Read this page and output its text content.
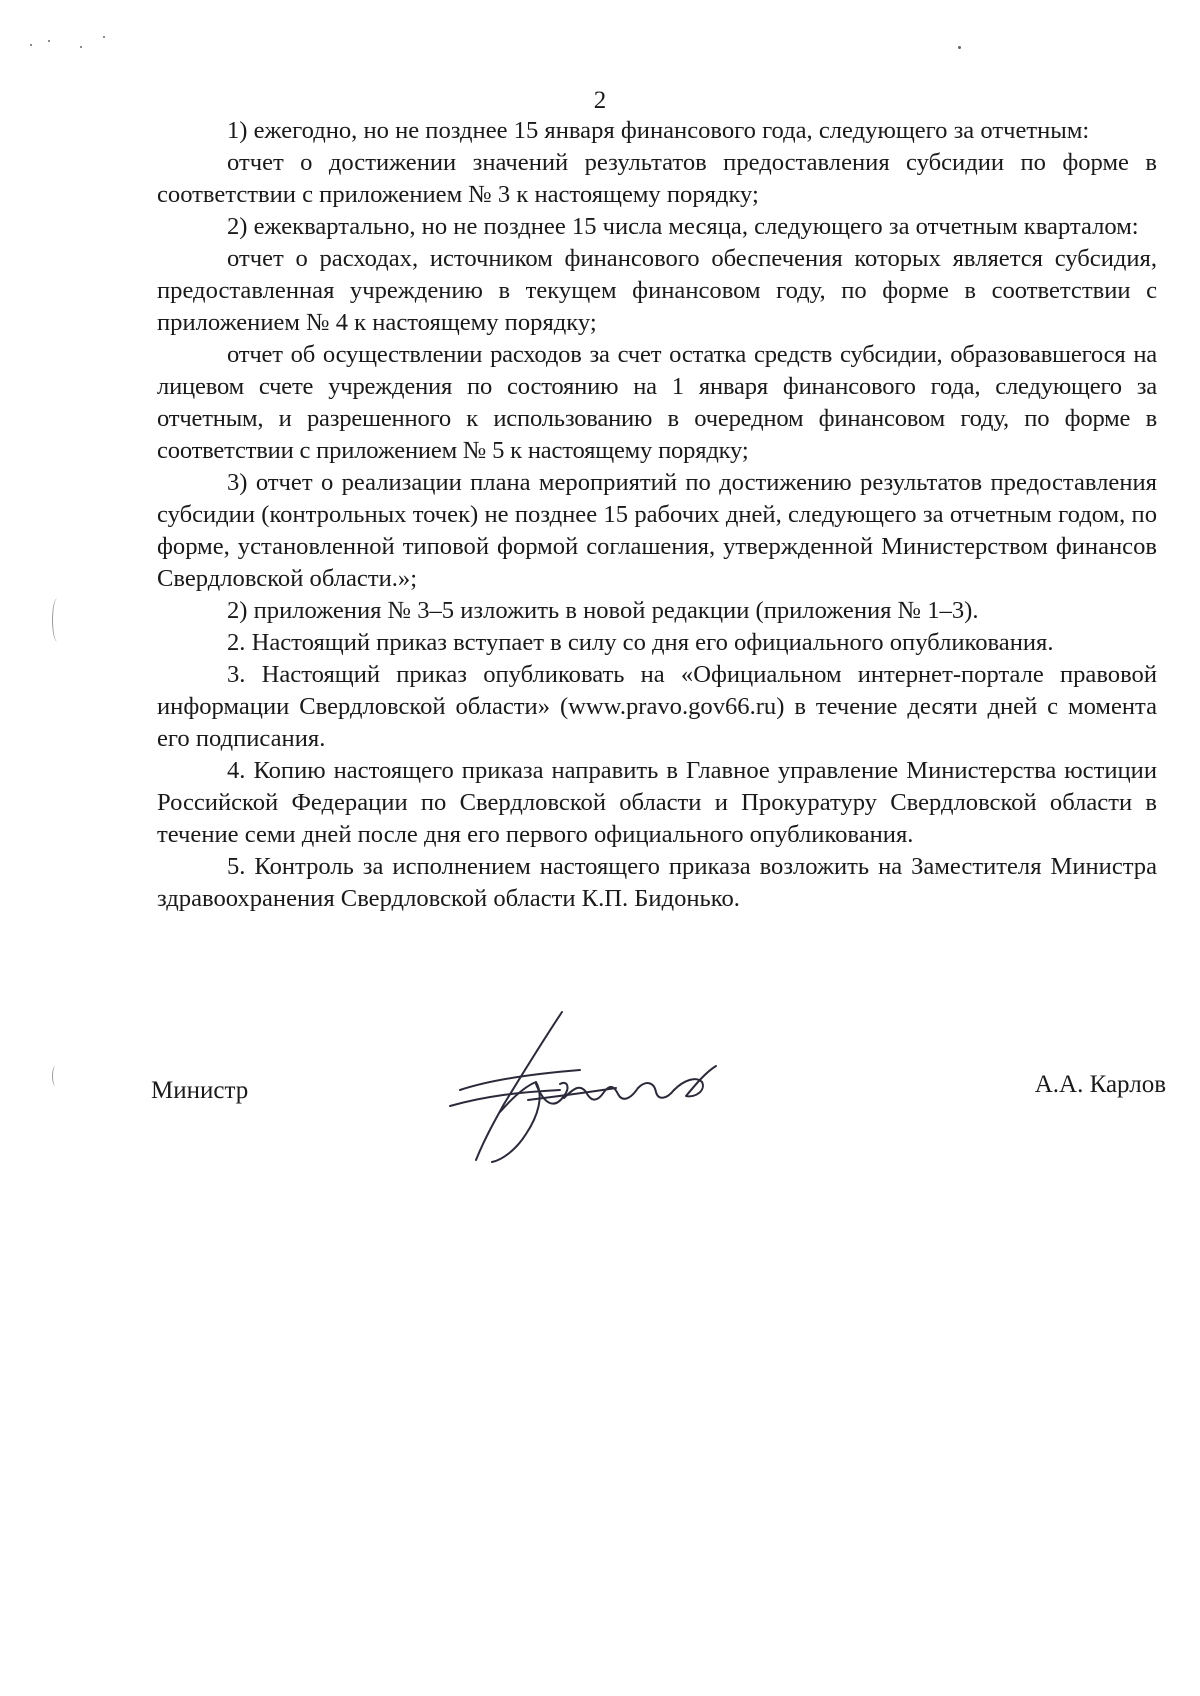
2

1) ежегодно, но не позднее 15 января финансового года, следующего за отчетным:

отчет о достижении значений результатов предоставления субсидии по форме в соответствии с приложением № 3 к настоящему порядку;

2) ежеквартально, но не позднее 15 числа месяца, следующего за отчетным кварталом:

отчет о расходах, источником финансового обеспечения которых является субсидия, предоставленная учреждению в текущем финансовом году, по форме в соответствии с приложением № 4 к настоящему порядку;

отчет об осуществлении расходов за счет остатка средств субсидии, образовавшегося на лицевом счете учреждения по состоянию на 1 января финансового года, следующего за отчетным, и разрешенного к использованию в очередном финансовом году, по форме в соответствии с приложением № 5 к настоящему порядку;

3) отчет о реализации плана мероприятий по достижению результатов предоставления субсидии (контрольных точек) не позднее 15 рабочих дней, следующего за отчетным годом, по форме, установленной типовой формой соглашения, утвержденной Министерством финансов Свердловской области.»;

2) приложения № 3–5 изложить в новой редакции (приложения № 1–3).

2. Настоящий приказ вступает в силу со дня его официального опубликования.

3. Настоящий приказ опубликовать на «Официальном интернет-портале правовой информации Свердловской области» (www.pravo.gov66.ru) в течение десяти дней с момента его подписания.

4. Копию настоящего приказа направить в Главное управление Министерства юстиции Российской Федерации по Свердловской области и Прокуратуру Свердловской области в течение семи дней после дня его первого официального опубликования.

5. Контроль за исполнением настоящего приказа возложить на Заместителя Министра здравоохранения Свердловской области К.П. Бидонько.

Министр	А.А. Карлов
